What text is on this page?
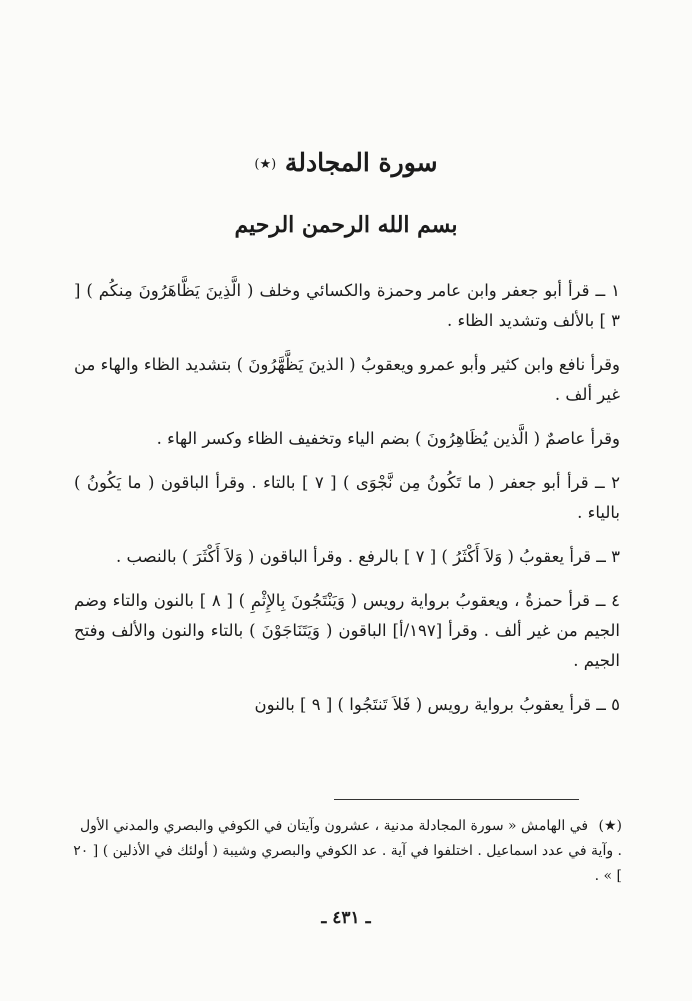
سورة المجادلة (★)
بسم الله الرحمن الرحيم

١ ــ قرأ أبو جعفر وابن عامر وحمزة والكسائي وخلف ( الَّذِينَ يَظَّاهَرُونَ مِنكُم ) [ ٣ ] بالألف وتشديد الظاء .

وقرأ نافع وابن كثير وأبو عمرو ويعقوبُ ( الذينَ يَظَّهَّرُونَ ) بتشديد الظاء والهاء من غير ألف .

وقرأ عاصمٌ ( الَّذين يُظَاهِرُونَ ) بضم الياء وتخفيف الظاء وكسر الهاء .

٢ ــ قرأ أبو جعفر ( ما تَكُونُ مِن نَّجْوَى ) [ ٧ ] بالتاء . وقرأ الباقون ( ما يَكُونُ ) بالياء .

٣ ــ قرأ يعقوبُ ( وَلاَ أَكْثَرُ ) [ ٧ ] بالرفع . وقرأ الباقون ( وَلاَ أَكْثَرَ ) بالنصب .

٤ ــ قرأ حمزةُ ، ويعقوبُ برواية رويس ( وَيَنْتَجُونَ بِالإِثْمِ ) [ ٨ ] بالنون والتاء وضم الجيم من غير ألف . وقرأ [١٩٧/أ] الباقون ( وَيَتَنَاجَوْنَ ) بالتاء والنون والألف وفتح الجيم .

٥ ــ قرأ يعقوبُ برواية رويس ( فَلاَ تَنتَجُوا ) [ ٩ ] بالنون

(★) في الهامش « سورة المجادلة مدنية ، عشرون وآيتان في الكوفي والبصري والمدني الأول . وآية في عدد اسماعيل . اختلفوا في آية . عد الكوفي والبصري وشيبة ( أولئك في الأذلين ) [ ٢٠ ] » .
ـ ٤٣١ ـ
